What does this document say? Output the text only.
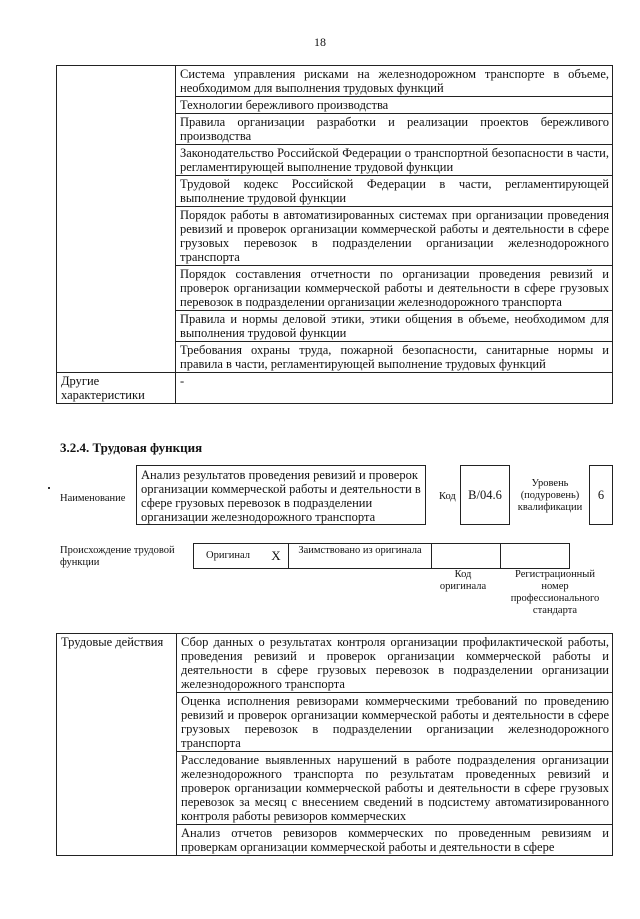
18
	Система управления рисками на железнодорожном транспорте в объеме, необходимом для выполнения трудовых функций
	Технологии бережливого производства
	Правила организации разработки и реализации проектов бережливого производства
	Законодательство Российской Федерации о транспортной безопасности в части, регламентирующей выполнение трудовой функции
	Трудовой кодекс Российской Федерации в части, регламентирующей выполнение трудовой функции
	Порядок работы в автоматизированных системах при организации проведения ревизий и проверок организации коммерческой работы и деятельности в сфере грузовых перевозок в подразделении организации железнодорожного транспорта
	Порядок составления отчетности по организации проведения ревизий и проверок организации коммерческой работы и деятельности в сфере грузовых перевозок в подразделении организации железнодорожного транспорта
	Правила и нормы деловой этики, этики общения в объеме, необходимом для выполнения трудовой функции
	Требования охраны труда, пожарной безопасности, санитарные нормы и правила в части, регламентирующей выполнение трудовых функций
Другие характеристики	-
3.2.4. Трудовая функция
Наименование
Анализ результатов проведения ревизий и проверок организации коммерческой работы и деятельности в сфере грузовых перевозок в подразделении организации железнодорожного транспорта
Код В/04.6
Уровень (подуровень) квалификации
6
Происхождение трудовой функции
Оригинал	X	Заимствовано из оригинала
Код оригинала
Регистрационный номер профессионального стандарта
Трудовые действия	Сбор данных о результатах контроля организации профилактической работы, проведения ревизий и проверок организации коммерческой работы и деятельности в сфере грузовых перевозок в подразделении организации железнодорожного транспорта
Оценка исполнения ревизорами коммерческими требований по проведению ревизий и проверок организации коммерческой работы и деятельности в сфере грузовых перевозок в подразделении организации железнодорожного транспорта
Расследование выявленных нарушений в работе подразделения организации железнодорожного транспорта по результатам проведенных ревизий и проверок организации коммерческой работы и деятельности в сфере грузовых перевозок за месяц с внесением сведений в подсистему автоматизированного контроля работы ревизоров коммерческих
Анализ отчетов ревизоров коммерческих по проведенным ревизиям и проверкам организации коммерческой работы и деятельности в сфере
